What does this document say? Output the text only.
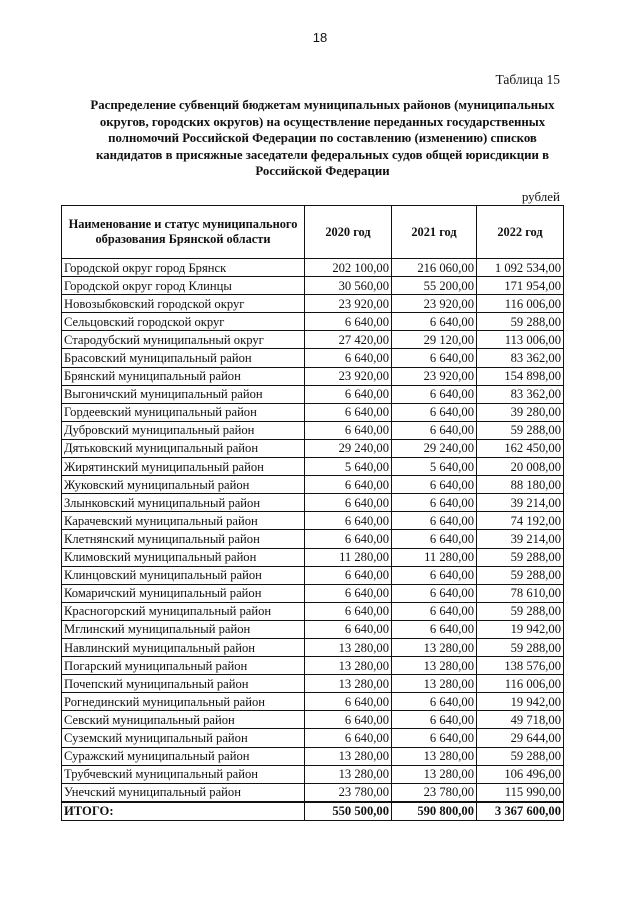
18
Таблица 15
Распределение субвенций бюджетам муниципальных районов (муниципальных округов, городских округов) на осуществление переданных государственных полномочий Российской Федерации по составлению (изменению) списков кандидатов в присяжные заседатели федеральных судов общей юрисдикции в Российской Федерации
рублей
Наименование и статус муниципального образования Брянской области	2020 год	2021 год	2022 год
Городской округ город Брянск	202 100,00	216 060,00	1 092 534,00
Городской округ город Клинцы	30 560,00	55 200,00	171 954,00
Новозыбковский городской округ	23 920,00	23 920,00	116 006,00
Сельцовский городской округ	6 640,00	6 640,00	59 288,00
Стародубский муниципальный округ	27 420,00	29 120,00	113 006,00
Брасовский муниципальный район	6 640,00	6 640,00	83 362,00
Брянский муниципальный район	23 920,00	23 920,00	154 898,00
Выгоничский муниципальный район	6 640,00	6 640,00	83 362,00
Гордеевский муниципальный район	6 640,00	6 640,00	39 280,00
Дубровский муниципальный район	6 640,00	6 640,00	59 288,00
Дятьковский муниципальный район	29 240,00	29 240,00	162 450,00
Жирятинский муниципальный район	5 640,00	5 640,00	20 008,00
Жуковский муниципальный район	6 640,00	6 640,00	88 180,00
Злынковский муниципальный район	6 640,00	6 640,00	39 214,00
Карачевский муниципальный район	6 640,00	6 640,00	74 192,00
Клетнянский муниципальный район	6 640,00	6 640,00	39 214,00
Климовский муниципальный район	11 280,00	11 280,00	59 288,00
Клинцовский муниципальный район	6 640,00	6 640,00	59 288,00
Комаричский муниципальный район	6 640,00	6 640,00	78 610,00
Красногорский муниципальный район	6 640,00	6 640,00	59 288,00
Мглинский муниципальный район	6 640,00	6 640,00	19 942,00
Навлинский муниципальный район	13 280,00	13 280,00	59 288,00
Погарский муниципальный район	13 280,00	13 280,00	138 576,00
Почепский муниципальный район	13 280,00	13 280,00	116 006,00
Рогнединский муниципальный район	6 640,00	6 640,00	19 942,00
Севский муниципальный район	6 640,00	6 640,00	49 718,00
Суземский муниципальный район	6 640,00	6 640,00	29 644,00
Суражский муниципальный район	13 280,00	13 280,00	59 288,00
Трубчевский муниципальный район	13 280,00	13 280,00	106 496,00
Унечский муниципальный район	23 780,00	23 780,00	115 990,00
ИТОГО:	550 500,00	590 800,00	3 367 600,00
